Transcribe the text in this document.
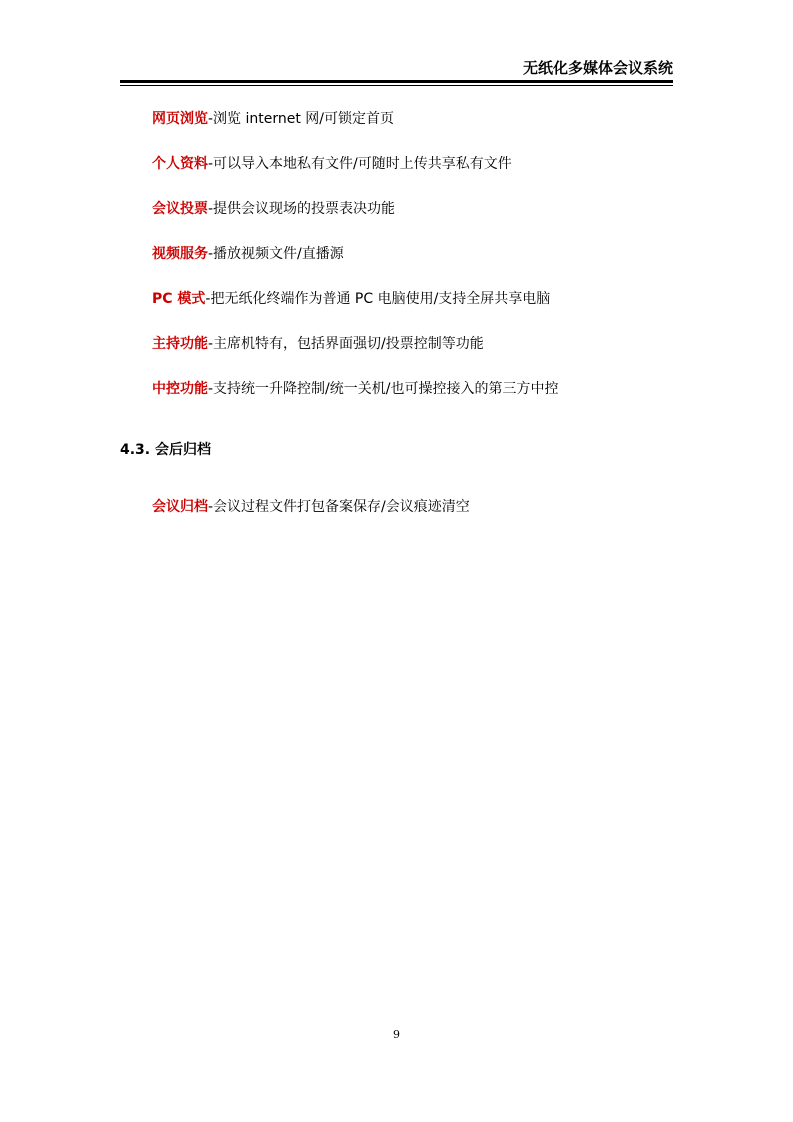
无纸化多媒体会议系统
网页浏览-浏览 internet 网/可锁定首页
个人资料-可以导入本地私有文件/可随时上传共享私有文件
会议投票-提供会议现场的投票表决功能
视频服务-播放视频文件/直播源
PC 模式-把无纸化终端作为普通 PC 电脑使用/支持全屏共享电脑
主持功能-主席机特有，包括界面强切/投票控制等功能
中控功能-支持统一升降控制/统一关机/也可操控接入的第三方中控
4.3. 会后归档
会议归档-会议过程文件打包备案保存/会议痕迹清空
9
